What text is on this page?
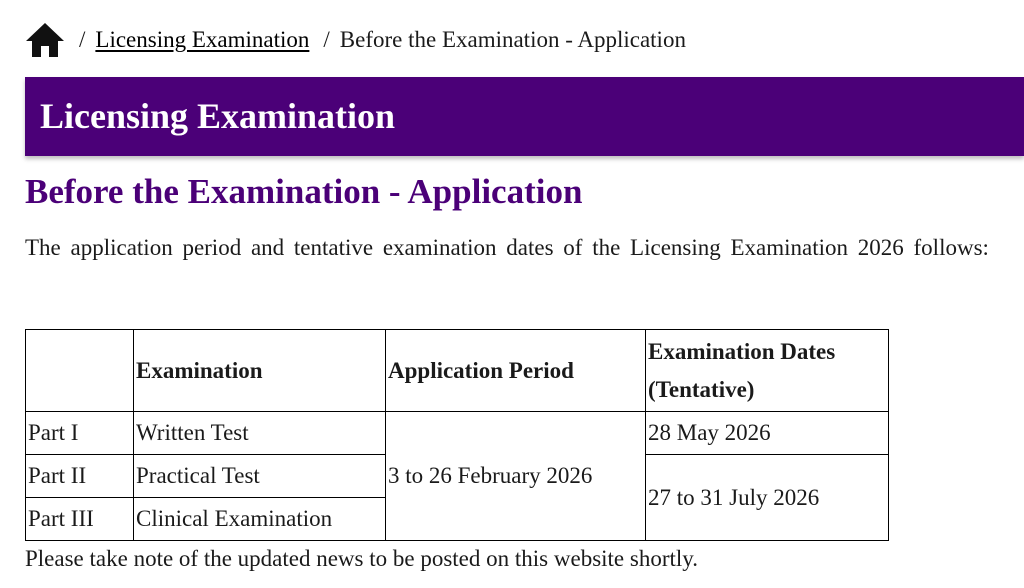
/ Licensing Examination / Before the Examination - Application
Licensing Examination
Before the Examination - Application

The application period and tentative examination dates of the Licensing Examination 2026 follows:

	Examination	Application Period	Examination Dates (Tentative)
Part I	Written Test	3 to 26 February 2026	28 May 2026
Part II	Practical Test		27 to 31 July 2026
Part III	Clinical Examination		

Please take note of the updated news to be posted on this website shortly.
